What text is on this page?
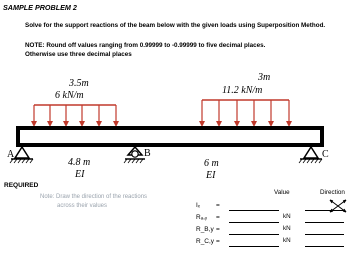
SAMPLE PROBLEM 2
Solve for the support reactions of the beam below with the given loads using Superposition Method.
NOTE: Round off values ranging from 0.99999 to -0.99999 to five decimal places.
Otherwise use three decimal places
3.5m
6 kN/m
3m
11.2 kN/m
A	B	C
4.8 m
EI
6 m
EI
REQUIRED
Note: Draw the direction of the reactions
across their values
Value	Direction
Iₓ =
Rₐ,ᵧ =	kN
R_B,y =	kN
R_C,y =	kN
